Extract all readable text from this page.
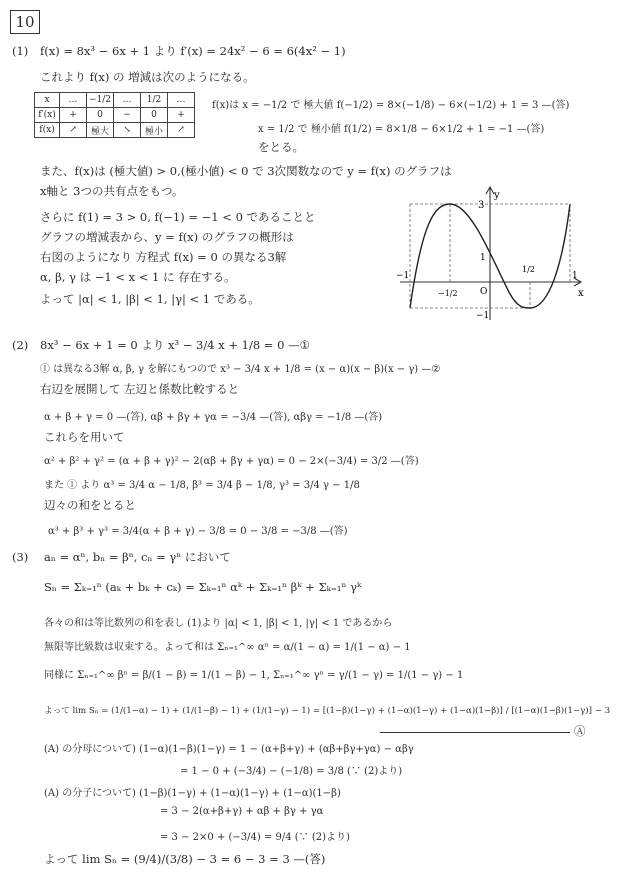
10
(1) f(x) = 8x³ − 6x + 1 より f′(x) = 24x² − 6 = 6(4x² − 1)
これより f(x) の 増減は次のようになる。
x	…	−1/2	…	1/2	…
f′(x)	+	0	−	0	+
f(x)	↗	極大	↘	極小	↗
f(x)は x = −1/2 で 極大値 f(−1/2) = 8×(−1/8) − 6×(−1/2) + 1 = 3 —(答)
x = 1/2 で 極小値 f(1/2) = 8×1/8 − 6×1/2 + 1 = −1 —(答)
をとる。
また、f(x)は (極大値) > 0,(極小値) < 0 で 3次関数なので y = f(x) のグラフは
x軸と 3つの共有点をもつ。
さらに f(1) = 3 > 0, f(−1) = −1 < 0 であることと
グラフの増減表から、y = f(x) のグラフの概形は
右図のようになり 方程式 f(x) = 0 の異なる3解
α, β, γ は −1 < x < 1 に 存在する。
よって |α| < 1, |β| < 1, |γ| < 1 である。
y
x
3
1
−1
−1	1
−1/2
1/2
O
(2) 8x³ − 6x + 1 = 0 より x³ − 3/4 x + 1/8 = 0 —①
① は異なる3解 α, β, γ を解にもつので x³ − 3/4 x + 1/8 = (x − α)(x − β)(x − γ) —②
右辺を展開して 左辺と係数比較すると
α + β + γ = 0 —(答), αβ + βγ + γα = −3/4 —(答), αβγ = −1/8 —(答)
これらを用いて
α² + β² + γ² = (α + β + γ)² − 2(αβ + βγ + γα) = 0 − 2×(−3/4) = 3/2 —(答)
また ① より α³ = 3/4 α − 1/8, β³ = 3/4 β − 1/8, γ³ = 3/4 γ − 1/8
辺々の和をとると
α³ + β³ + γ³ = 3/4(α + β + γ) − 3/8 = 0 − 3/8 = −3/8 —(答)
(3) aₙ = αⁿ, bₙ = βⁿ, cₙ = γⁿ において
Sₙ = Σₖ₌₁ⁿ (aₖ + bₖ + cₖ) = Σₖ₌₁ⁿ αᵏ + Σₖ₌₁ⁿ βᵏ + Σₖ₌₁ⁿ γᵏ
各々の和は等比数列の和を表し (1)より |α| < 1, |β| < 1, |γ| < 1 であるから
無限等比級数は収束する。よって和は Σₙ₌₁^∞ αⁿ = α/(1 − α) = 1/(1 − α) − 1
同様に Σₙ₌₁^∞ βⁿ = β/(1 − β) = 1/(1 − β) − 1, Σₙ₌₁^∞ γⁿ = γ/(1 − γ) = 1/(1 − γ) − 1
よって lim Sₙ = (1/(1−α) − 1) + (1/(1−β) − 1) + (1/(1−γ) − 1) = [(1−β)(1−γ) + (1−α)(1−γ) + (1−α)(1−β)] / [(1−α)(1−β)(1−γ)] − 3
Ⓐ
(A) の分母について) (1−α)(1−β)(1−γ) = 1 − (α+β+γ) + (αβ+βγ+γα) − αβγ
= 1 − 0 + (−3/4) − (−1/8) = 3/8 (∵ (2)より)
(A) の分子について) (1−β)(1−γ) + (1−α)(1−γ) + (1−α)(1−β)
= 3 − 2(α+β+γ) + αβ + βγ + γα
= 3 − 2×0 + (−3/4) = 9/4 (∵ (2)より)
よって lim Sₙ = (9/4)/(3/8) − 3 = 6 − 3 = 3 —(答)
